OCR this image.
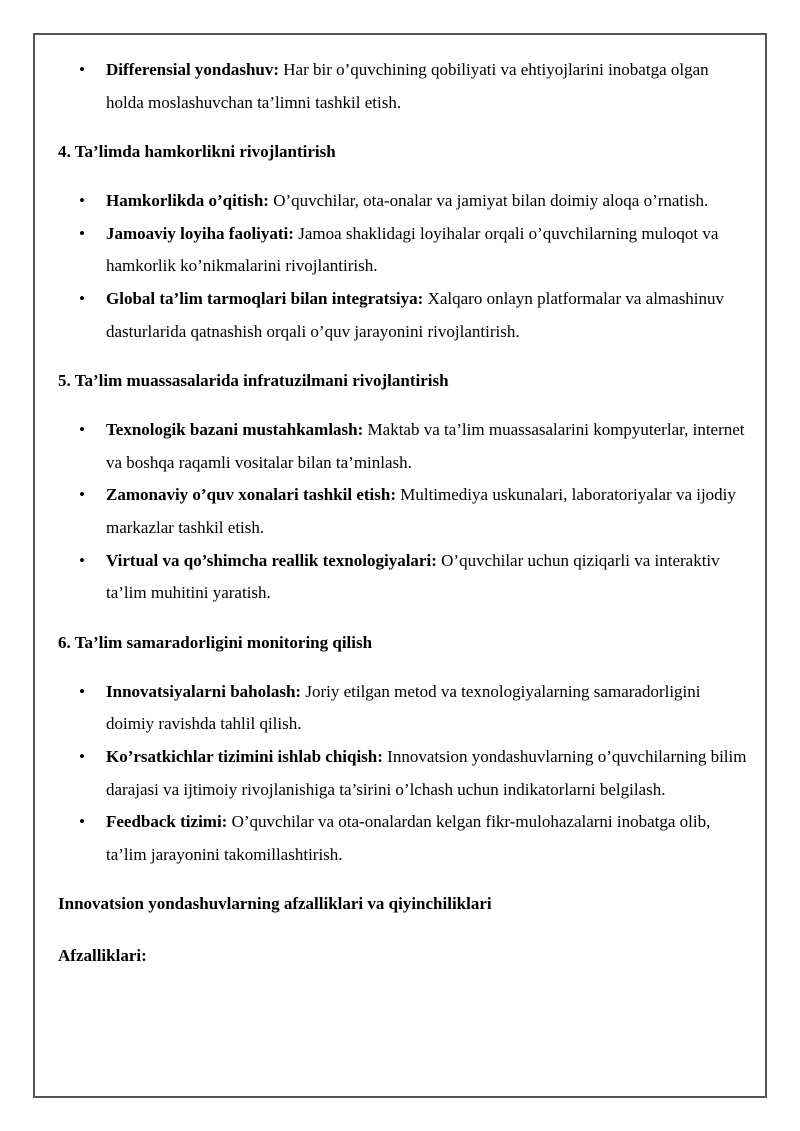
• Differensial yondashuv: Har bir o’quvchining qobiliyati va ehtiyojlarini inobatga olgan holda moslashuvchan ta’limni tashkil etish.
4. Ta’limda hamkorlikni rivojlantirish
• Hamkorlikda o’qitish: O’quvchilar, ota-onalar va jamiyat bilan doimiy aloqa o’rnatish.
• Jamoaviy loyiha faoliyati: Jamoa shaklidagi loyihalar orqali o’quvchilarning muloqot va hamkorlik ko’nikmalarini rivojlantirish.
• Global ta’lim tarmoqlari bilan integratsiya: Xalqaro onlayn platformalar va almashinuv dasturlarida qatnashish orqali o’quv jarayonini rivojlantirish.
5. Ta’lim muassasalarida infratuzilmani rivojlantirish
• Texnologik bazani mustahkamlash: Maktab va ta’lim muassasalarini kompyuterlar, internet va boshqa raqamli vositalar bilan ta’minlash.
• Zamonaviy o’quv xonalari tashkil etish: Multimediya uskunalari, laboratoriyalar va ijodiy markazlar tashkil etish.
• Virtual va qo’shimcha reallik texnologiyalari: O’quvchilar uchun qiziqarli va interaktiv ta’lim muhitini yaratish.
6. Ta’lim samaradorligini monitoring qilish
• Innovatsiyalarni baholash: Joriy etilgan metod va texnologiyalarning samaradorligini doimiy ravishda tahlil qilish.
• Ko’rsatkichlar tizimini ishlab chiqish: Innovatsion yondashuvlarning o’quvchilarning bilim darajasi va ijtimoiy rivojlanishiga ta’sirini o’lchash uchun indikatorlarni belgilash.
• Feedback tizimi: O’quvchilar va ota-onalardan kelgan fikr-mulohazalarni inobatga olib, ta’lim jarayonini takomillashtirish.
Innovatsion yondashuvlarning afzalliklari va qiyinchiliklari
Afzalliklari:
